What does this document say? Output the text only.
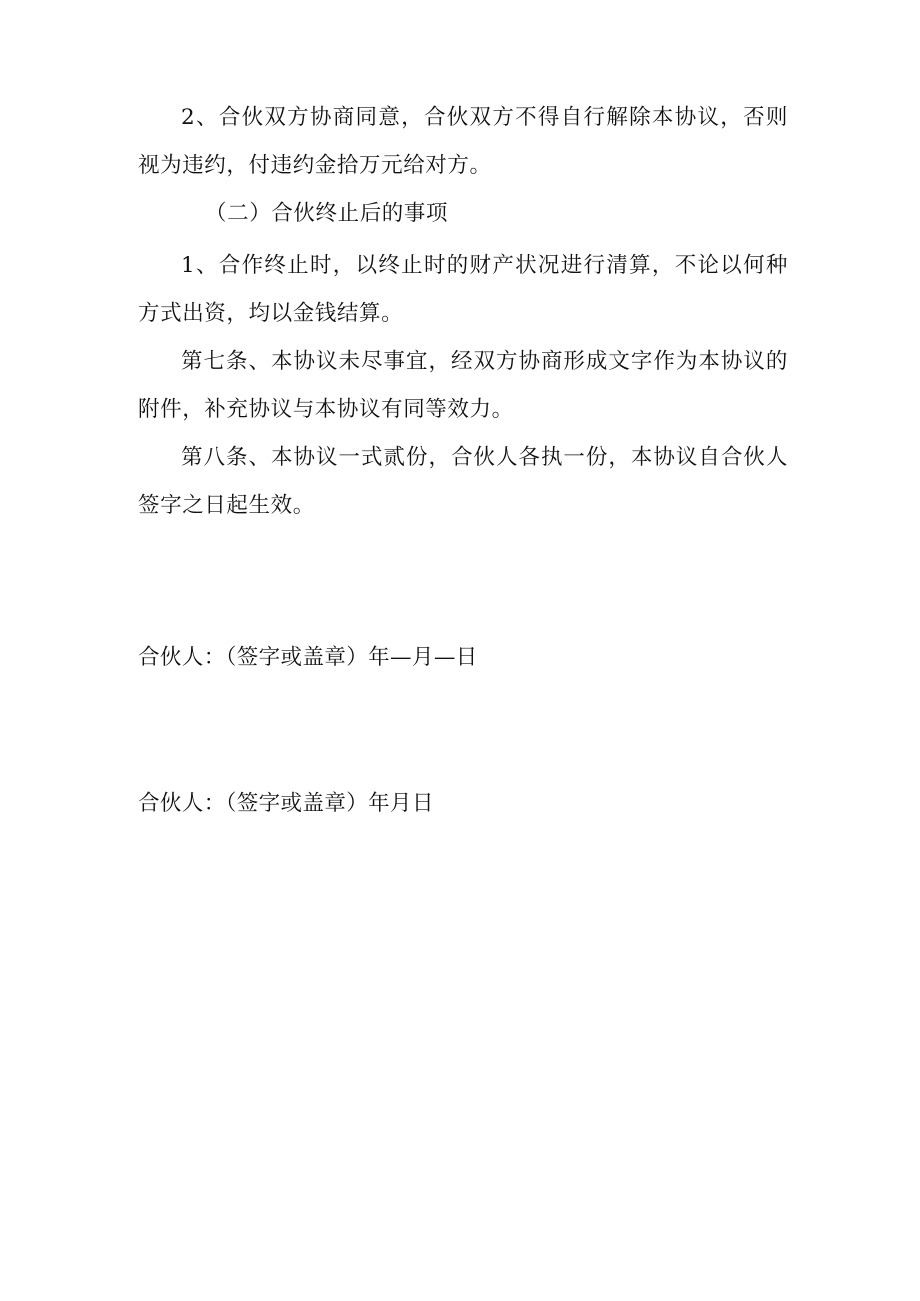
2、合伙双方协商同意，合伙双方不得自行解除本协议，否则视为违约，付违约金拾万元给对方。

（二）合伙终止后的事项

1、合作终止时，以终止时的财产状况进行清算，不论以何种方式出资，均以金钱结算。

第七条、本协议未尽事宜，经双方协商形成文字作为本协议的附件，补充协议与本协议有同等效力。

第八条、本协议一式贰份，合伙人各执一份，本协议自合伙人签字之日起生效。

合伙人：（签字或盖章）年—月—日

合伙人：（签字或盖章）年月日
